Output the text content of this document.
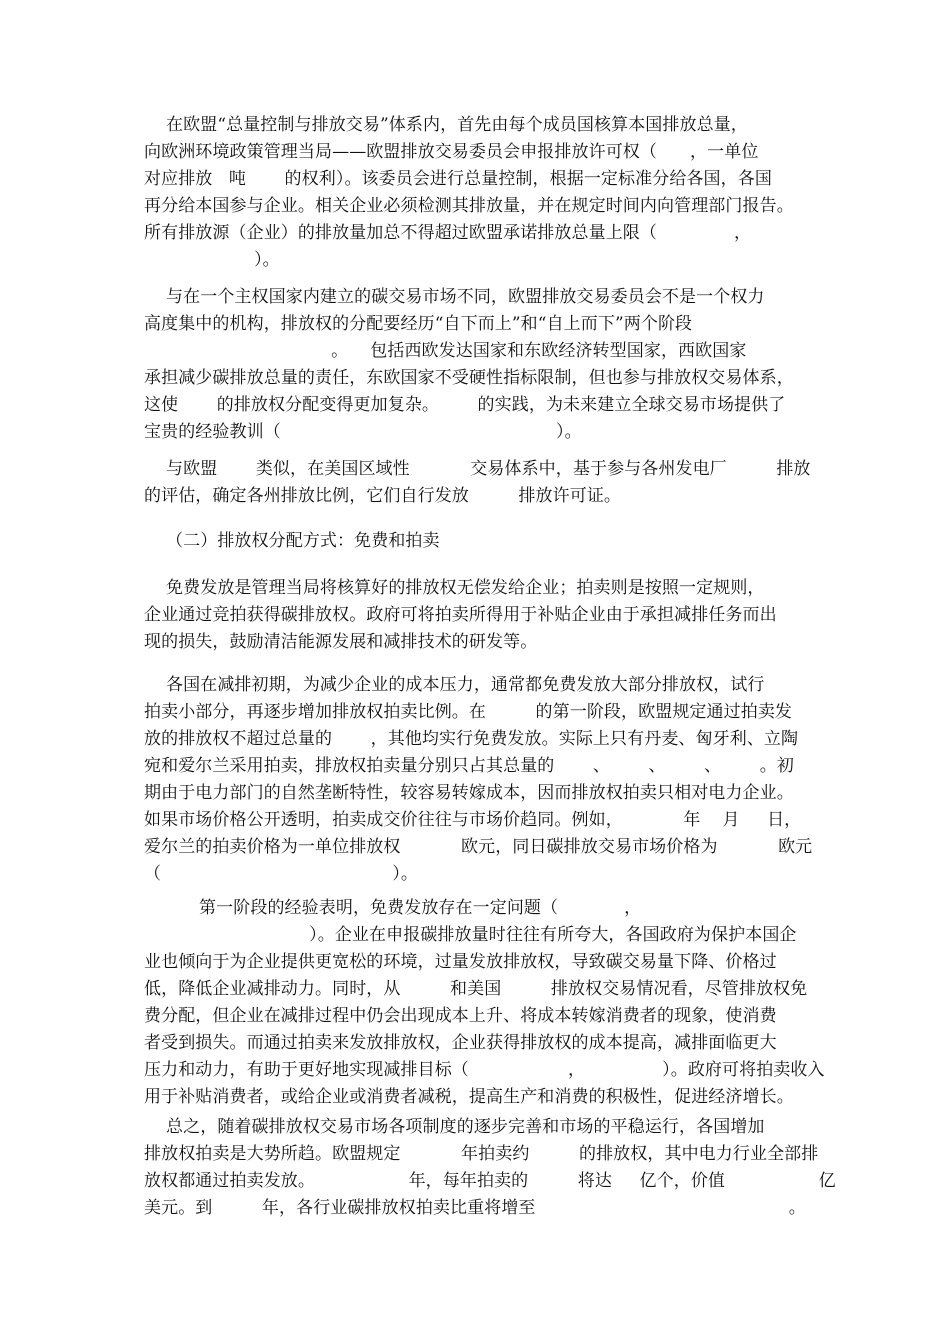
在欧盟“总量控制与排放交易”体系内，首先由每个成员国核算本国排放总量，
向欧洲环境政策管理当局——欧盟排放交易委员会申报排放许可权（      ，一单位
对应排放   吨       的权利）。该委员会进行总量控制，根据一定标准分给各国，各国
再分给本国参与企业。相关企业必须检测其排放量，并在规定时间内向管理部门报告。
所有排放源（企业）的排放量加总不得超过欧盟承诺排放总量上限（              ，
）。
与在一个主权国家内建立的碳交易市场不同，欧盟排放交易委员会不是一个权力
高度集中的机构，排放权的分配要经历“自下而上”和“自上而下”两个阶段
。    包括西欧发达国家和东欧经济转型国家，西欧国家
承担减少碳排放总量的责任，东欧国家不受硬性指标限制，但也参与排放权交易体系，
这使       的排放权分配变得更加复杂。       的实践，为未来建立全球交易市场提供了
宝贵的经验教训（                                                  ）。
与欧盟       类似，在美国区域性           交易体系中，基于参与各州发电厂         排放
的评估，确定各州排放比例，它们自行发放         排放许可证。
（二）排放权分配方式：免费和拍卖
免费发放是管理当局将核算好的排放权无偿发给企业；拍卖则是按照一定规则，
企业通过竞拍获得碳排放权。政府可将拍卖所得用于补贴企业由于承担减排任务而出
现的损失，鼓励清洁能源发展和减排技术的研发等。
各国在减排初期，为减少企业的成本压力，通常都免费发放大部分排放权，试行
拍卖小部分，再逐步增加排放权拍卖比例。在         的第一阶段，欧盟规定通过拍卖发
放的排放权不超过总量的       ，其他均实行免费发放。实际上只有丹麦、匈牙利、立陶
宛和爱尔兰采用拍卖，排放权拍卖量分别只占其总量的       、       、       、       。初
期由于电力部门的自然垄断特性，较容易转嫁成本，因而排放权拍卖只相对电力企业。
如果市场价格公开透明，拍卖成交价往往与市场价趋同。例如，           年    月     日，
爱尔兰的拍卖价格为一单位排放权           欧元，同日碳排放交易市场价格为           欧元
（                                          ）。
第一阶段的经验表明，免费发放存在一定问题（            ，
）。企业在申报碳排放量时往往有所夸大，各国政府为保护本国企
业也倾向于为企业提供更宽松的环境，过量发放排放权，导致碳交易量下降、价格过
低，降低企业减排动力。同时，从         和美国         排放权交易情况看，尽管排放权免
费分配，但企业在减排过程中仍会出现成本上升、将成本转嫁消费者的现象，使消费
者受到损失。而通过拍卖来发放排放权，企业获得排放权的成本提高，减排面临更大
压力和动力，有助于更好地实现减排目标（                  ，              ）。政府可将拍卖收入
用于补贴消费者，或给企业或消费者减税，提高生产和消费的积极性，促进经济增长。
总之，随着碳排放权交易市场各项制度的逐步完善和市场的平稳运行，各国增加
排放权拍卖是大势所趋。欧盟规定           年拍卖约         的排放权，其中电力行业全部排
放权都通过拍卖发放。                 年，每年拍卖的         将达     亿个，价值                 亿
美元。到         年，各行业碳排放权拍卖比重将增至                                              。
